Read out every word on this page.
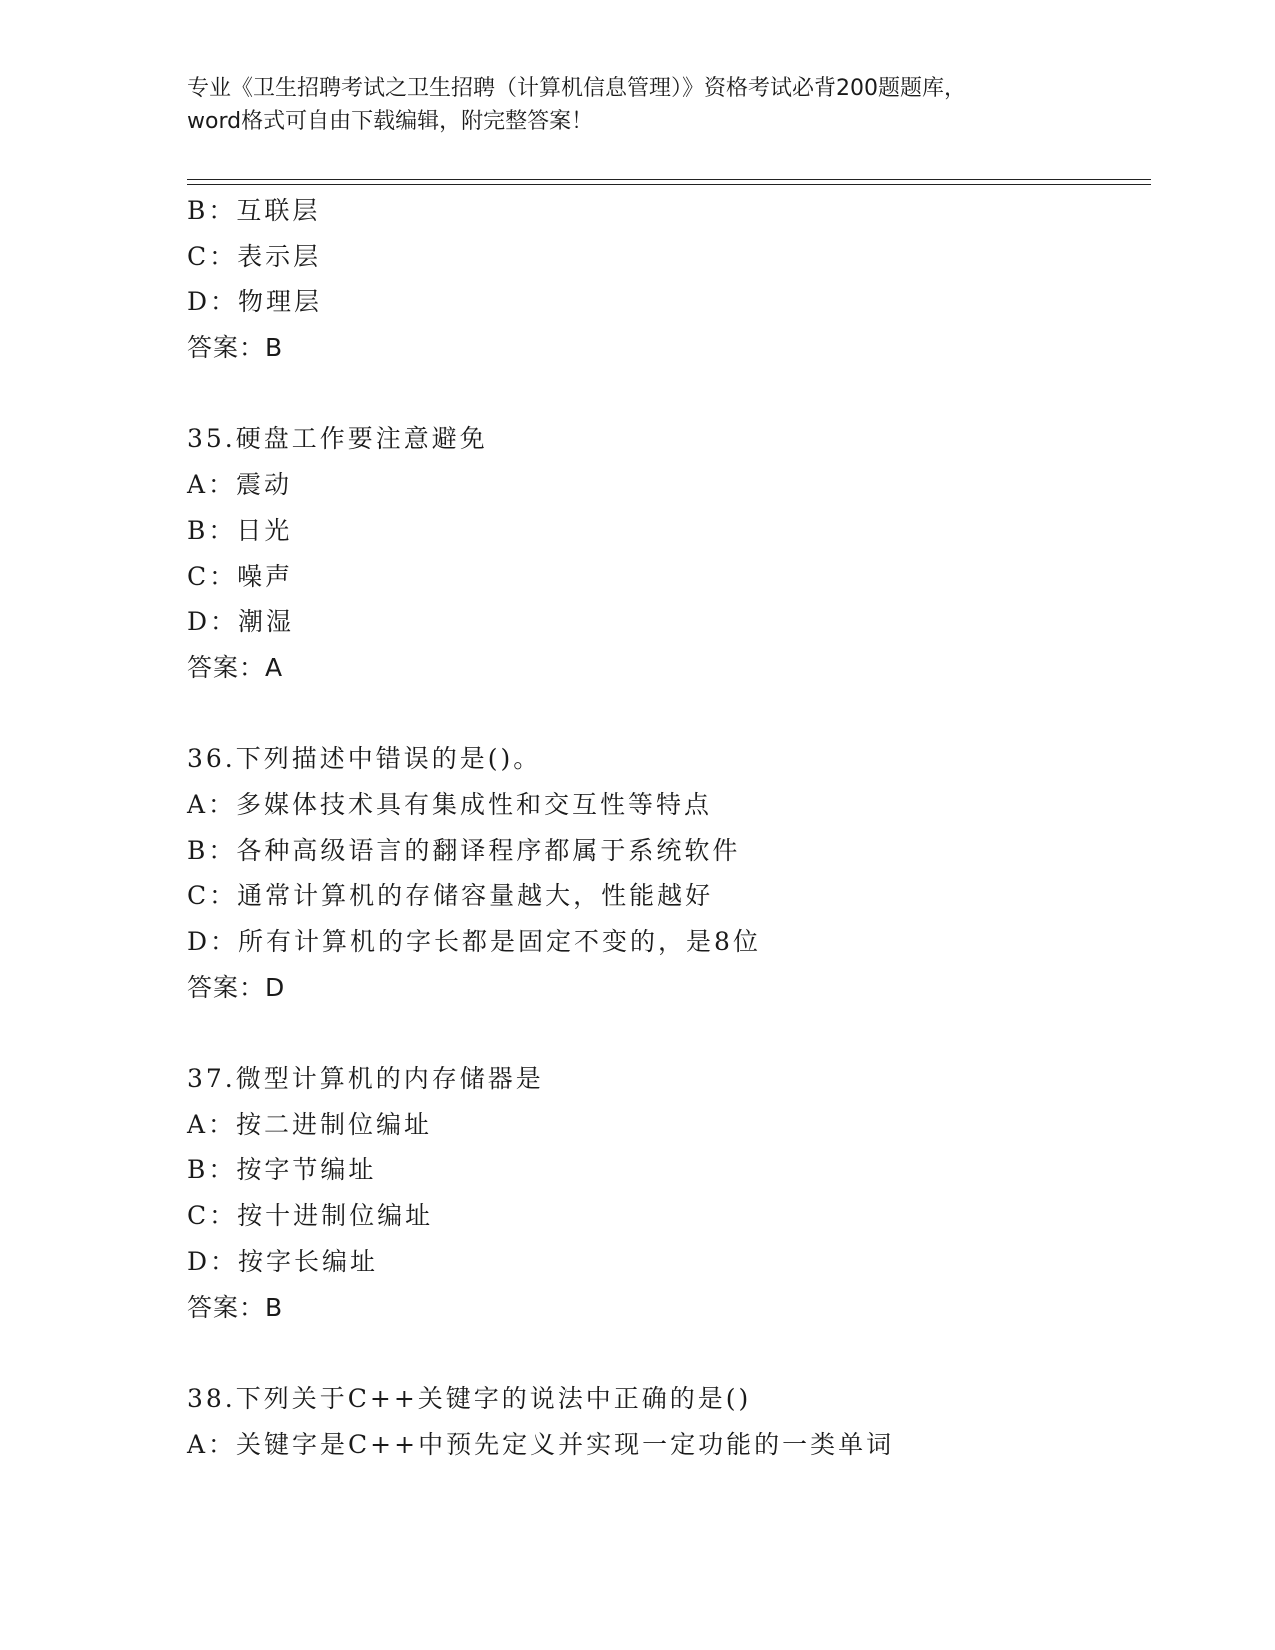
专业《卫生招聘考试之卫生招聘（计算机信息管理）》资格考试必背200题题库，
word格式可自由下载编辑，附完整答案！
B：互联层
C：表示层
D：物理层
答案：B
35.硬盘工作要注意避免
A：震动
B：日光
C：噪声
D：潮湿
答案：A
36.下列描述中错误的是()。
A：多媒体技术具有集成性和交互性等特点
B：各种高级语言的翻译程序都属于系统软件
C：通常计算机的存储容量越大，性能越好
D：所有计算机的字长都是固定不变的，是8位
答案：D
37.微型计算机的内存储器是
A：按二进制位编址
B：按字节编址
C：按十进制位编址
D：按字长编址
答案：B
38.下列关于C++关键字的说法中正确的是()
A：关键字是C++中预先定义并实现一定功能的一类单词
